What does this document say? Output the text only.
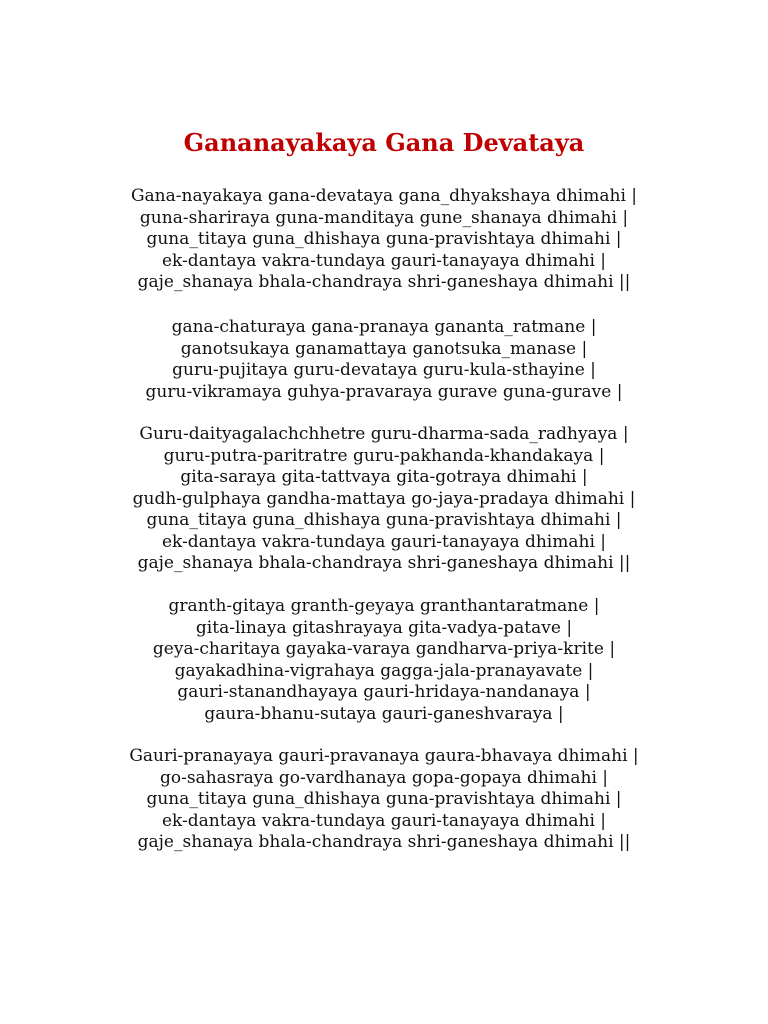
Gananayakaya Gana Devataya

Gana-nayakaya gana-devataya gana_dhyakshaya dhimahi |
guna-shariraya guna-manditaya gune_shanaya dhimahi |
guna_titaya guna_dhishaya guna-pravishtaya dhimahi |
ek-dantaya vakra-tundaya gauri-tanayaya dhimahi |
gaje_shanaya bhala-chandraya shri-ganeshaya dhimahi ||

gana-chaturaya gana-pranaya gananta_ratmane |
ganotsukaya ganamattaya ganotsuka_manase |
guru-pujitaya guru-devataya guru-kula-sthayine |
guru-vikramaya guhya-pravaraya gurave guna-gurave |

Guru-daityagalachchhetre guru-dharma-sada_radhyaya |
guru-putra-paritratre guru-pakhanda-khandakaya |
gita-saraya gita-tattvaya gita-gotraya dhimahi |
gudh-gulphaya gandha-mattaya go-jaya-pradaya dhimahi |
guna_titaya guna_dhishaya guna-pravishtaya dhimahi |
ek-dantaya vakra-tundaya gauri-tanayaya dhimahi |
gaje_shanaya bhala-chandraya shri-ganeshaya dhimahi ||

granth-gitaya granth-geyaya granthantaratmane |
gita-linaya gitashrayaya gita-vadya-patave |
geya-charitaya gayaka-varaya gandharva-priya-krite |
gayakadhina-vigrahaya gagga-jala-pranayavate |
gauri-stanandhayaya gauri-hridaya-nandanaya |
gaura-bhanu-sutaya gauri-ganeshvaraya |

Gauri-pranayaya gauri-pravanaya gaura-bhavaya dhimahi |
go-sahasraya go-vardhanaya gopa-gopaya dhimahi |
guna_titaya guna_dhishaya guna-pravishtaya dhimahi |
ek-dantaya vakra-tundaya gauri-tanayaya dhimahi |
gaje_shanaya bhala-chandraya shri-ganeshaya dhimahi ||
